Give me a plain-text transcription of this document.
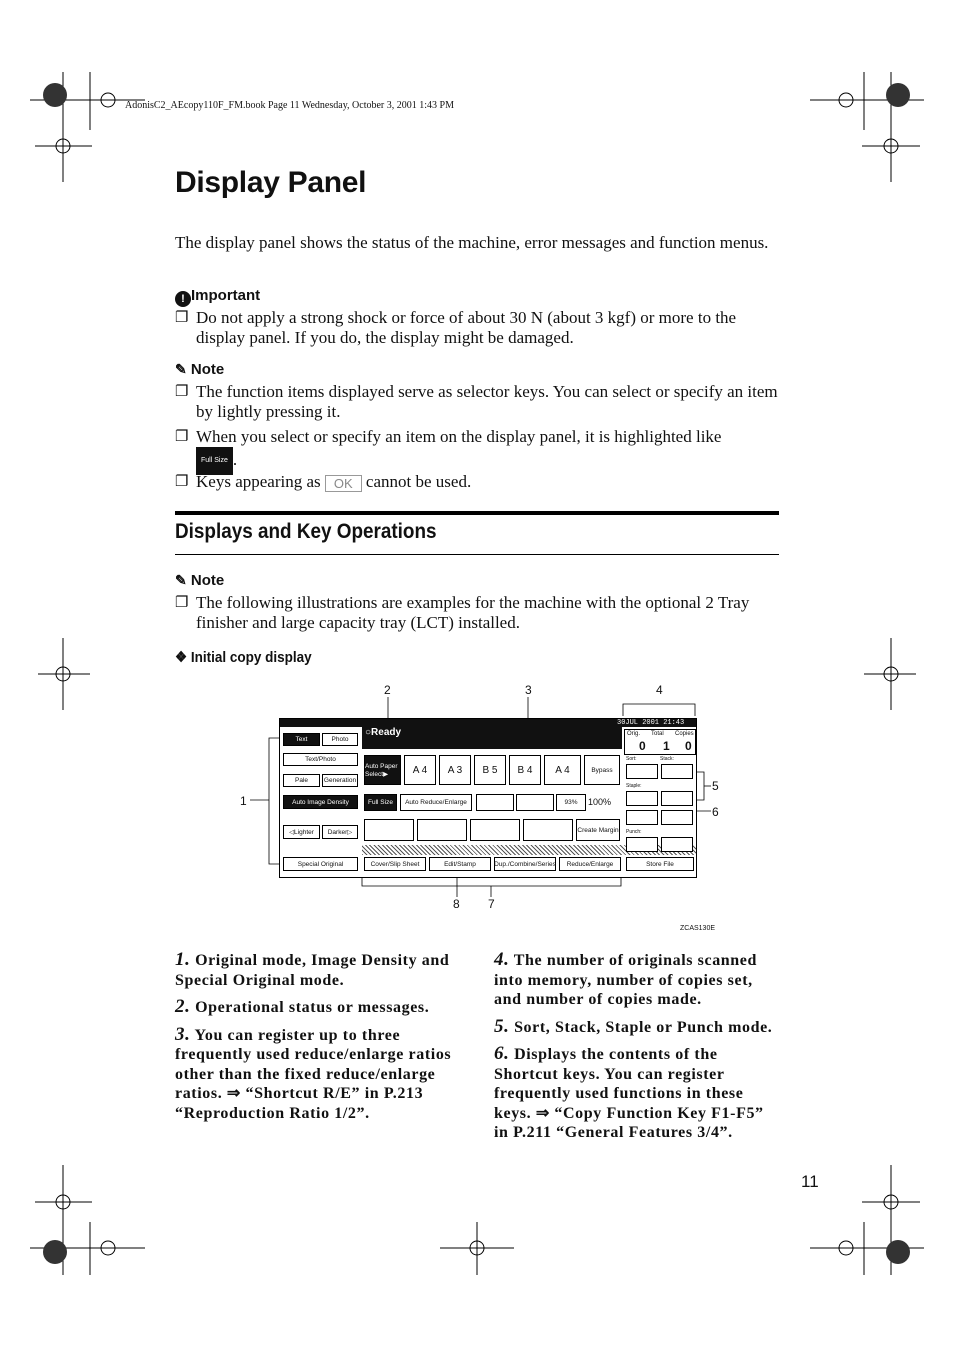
AdonisC2_AEcopy110F_FM.book Page 11 Wednesday, October 3, 2001 1:43 PM
Display Panel
The display panel shows the status of the machine, error messages and function menus.
! Important
❐ Do not apply a strong shock or force of about 30 N (about 3 kgf) or more to the display panel. If you do, the display might be damaged.
✎ Note
❐ The function items displayed serve as selector keys. You can select or specify an item by lightly pressing it.
❐ When you select or specify an item on the display panel, it is highlighted like
Full Size .
❐ Keys appearing as OK cannot be used.
Displays and Key Operations
✎ Note
❐ The following illustrations are examples for the machine with the optional 2 Tray finisher and large capacity tray (LCT) installed.
❖ Initial copy display
2	3	4
1
5
6
7
8
30JUL 2001 21:43
○Ready
Text	Photo
Text/Photo
Pale	Generation
Auto Image Density
◁Lighter	Darker▷
Special Original
Auto Paper Select▶	A 4	A 3	B 5	B 4	A 4	Bypass
Full Size	Auto Reduce/Enlarge	93%	100%
Create Margin
Cover/Slip Sheet	Edit/Stamp	Dup./Combine/Series	Reduce/Enlarge	Store File
Orig. Total Copies
0 1 0
Sort:	Stack:
Staple:
Punch:
ZCAS130E
1. Original mode, Image Density and Special Original mode.
2. Operational status or messages.
3. You can register up to three frequently used reduce/enlarge ratios other than the fixed reduce/enlarge ratios. ⇒ “Shortcut R/E” in P.213 “Reproduction Ratio 1/2”.
4. The number of originals scanned into memory, number of copies set, and number of copies made.
5. Sort, Stack, Staple or Punch mode.
6. Displays the contents of the Shortcut keys. You can register frequently used functions in these keys. ⇒ “Copy Function Key F1-F5” in P.211 “General Features 3/4”.
11
